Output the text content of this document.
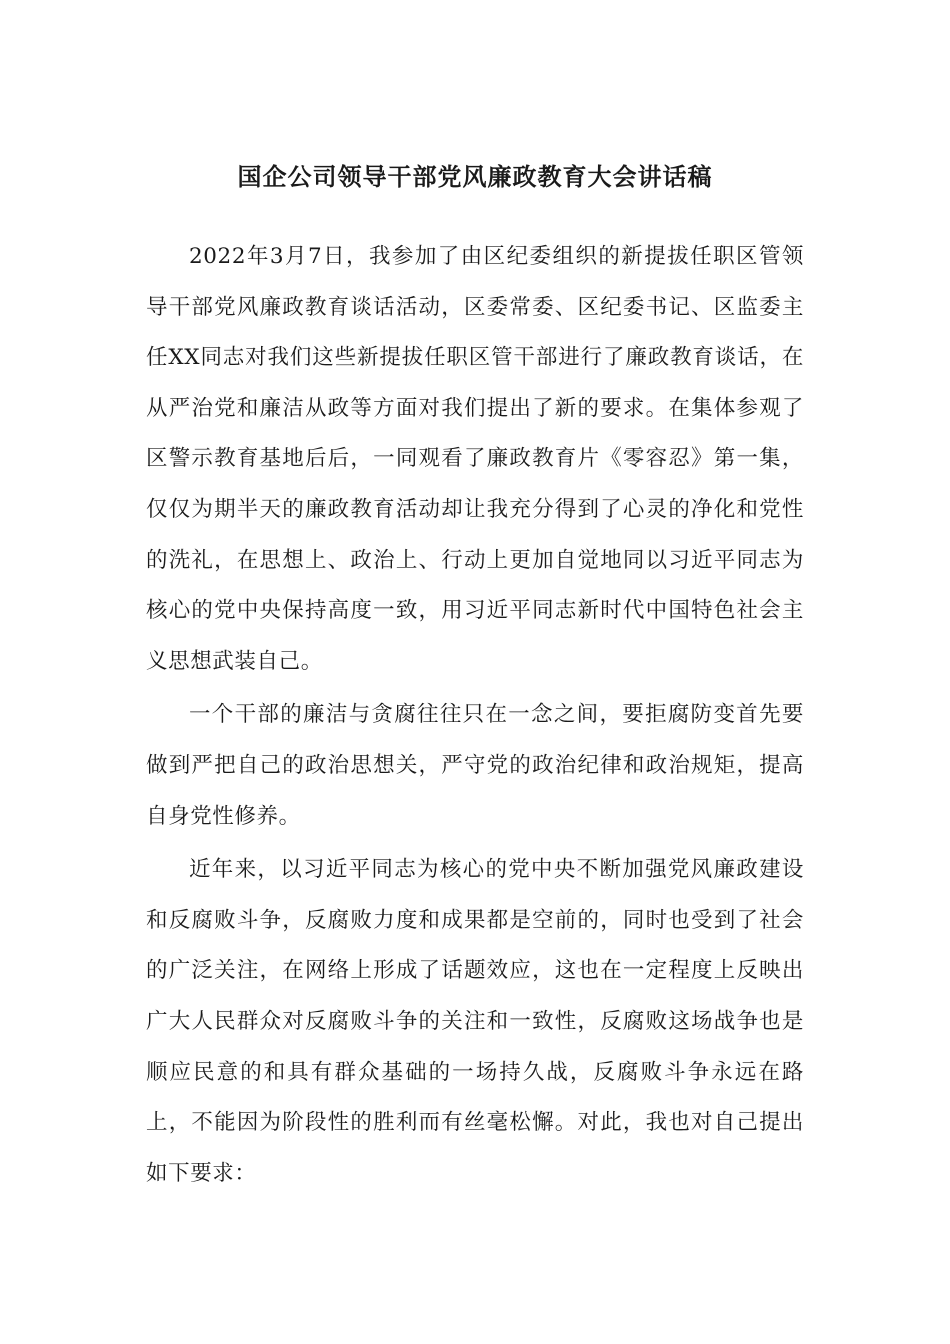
国企公司领导干部党风廉政教育大会讲话稿

2022年3月7日，我参加了由区纪委组织的新提拔任职区管领导干部党风廉政教育谈话活动，区委常委、区纪委书记、区监委主任XX同志对我们这些新提拔任职区管干部进行了廉政教育谈话，在从严治党和廉洁从政等方面对我们提出了新的要求。在集体参观了区警示教育基地后后，一同观看了廉政教育片《零容忍》第一集，仅仅为期半天的廉政教育活动却让我充分得到了心灵的净化和党性的洗礼，在思想上、政治上、行动上更加自觉地同以习近平同志为核心的党中央保持高度一致，用习近平同志新时代中国特色社会主义思想武装自己。

一个干部的廉洁与贪腐往往只在一念之间，要拒腐防变首先要做到严把自己的政治思想关，严守党的政治纪律和政治规矩，提高自身党性修养。

近年来，以习近平同志为核心的党中央不断加强党风廉政建设和反腐败斗争，反腐败力度和成果都是空前的，同时也受到了社会的广泛关注，在网络上形成了话题效应，这也在一定程度上反映出广大人民群众对反腐败斗争的关注和一致性，反腐败这场战争也是顺应民意的和具有群众基础的一场持久战，反腐败斗争永远在路上，不能因为阶段性的胜利而有丝毫松懈。对此，我也对自己提出如下要求：
